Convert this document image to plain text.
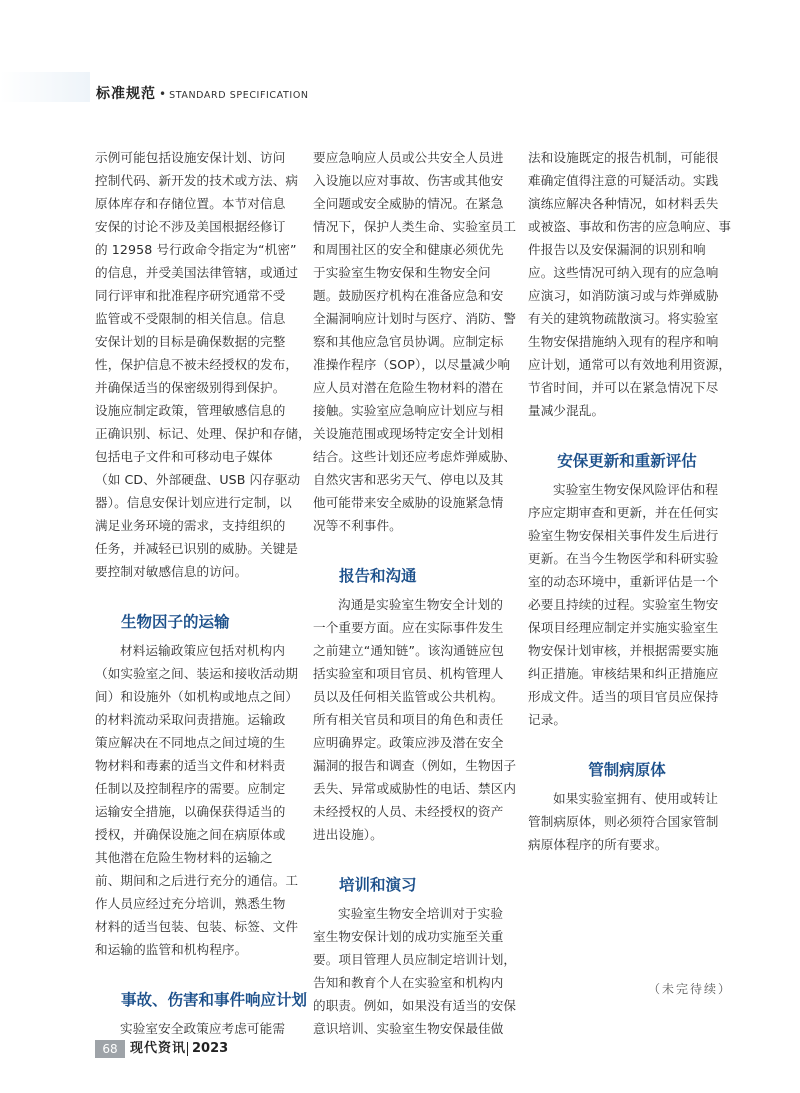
标准规范 • STANDARD SPECIFICATION
示例可能包括设施安保计划、访问
控制代码、新开发的技术或方法、病
原体库存和存储位置。本节对信息
安保的讨论不涉及美国根据经修订
的 12958 号行政命令指定为“机密”
的信息，并受美国法律管辖，或通过
同行评审和批准程序研究通常不受
监管或不受限制的相关信息。信息
安保计划的目标是确保数据的完整
性，保护信息不被未经授权的发布，
并确保适当的保密级别得到保护。
设施应制定政策，管理敏感信息的
正确识别、标记、处理、保护和存储，
包括电子文件和可移动电子媒体
（如 CD、外部硬盘、USB 闪存驱动
器）。信息安保计划应进行定制，以
满足业务环境的需求，支持组织的
任务，并减轻已识别的威胁。关键是
要控制对敏感信息的访问。
生物因子的运输
材料运输政策应包括对机构内
（如实验室之间、装运和接收活动期
间）和设施外（如机构或地点之间）
的材料流动采取问责措施。运输政
策应解决在不同地点之间过境的生
物材料和毒素的适当文件和材料责
任制以及控制程序的需要。应制定
运输安全措施，以确保获得适当的
授权，并确保设施之间在病原体或
其他潜在危险生物材料的运输之
前、期间和之后进行充分的通信。工
作人员应经过充分培训，熟悉生物
材料的适当包装、包装、标签、文件
和运输的监管和机构程序。
事故、伤害和事件响应计划
实验室安全政策应考虑可能需
要应急响应人员或公共安全人员进
入设施以应对事故、伤害或其他安
全问题或安全威胁的情况。在紧急
情况下，保护人类生命、实验室员工
和周围社区的安全和健康必须优先
于实验室生物安保和生物安全问
题。鼓励医疗机构在准备应急和安
全漏洞响应计划时与医疗、消防、警
察和其他应急官员协调。应制定标
准操作程序（SOP），以尽量减少响
应人员对潜在危险生物材料的潜在
接触。实验室应急响应计划应与相
关设施范围或现场特定安全计划相
结合。这些计划还应考虑炸弹威胁、
自然灾害和恶劣天气、停电以及其
他可能带来安全威胁的设施紧急情
况等不利事件。
报告和沟通
沟通是实验室生物安全计划的
一个重要方面。应在实际事件发生
之前建立“通知链”。该沟通链应包
括实验室和项目官员、机构管理人
员以及任何相关监管或公共机构。
所有相关官员和项目的角色和责任
应明确界定。政策应涉及潜在安全
漏洞的报告和调查（例如，生物因子
丢失、异常或威胁性的电话、禁区内
未经授权的人员、未经授权的资产
进出设施）。
培训和演习
实验室生物安全培训对于实验
室生物安保计划的成功实施至关重
要。项目管理人员应制定培训计划，
告知和教育个人在实验室和机构内
的职责。例如，如果没有适当的安保
意识培训、实验室生物安保最佳做
法和设施既定的报告机制，可能很
难确定值得注意的可疑活动。实践
演练应解决各种情况，如材料丢失
或被盗、事故和伤害的应急响应、事
件报告以及安保漏洞的识别和响
应。这些情况可纳入现有的应急响
应演习，如消防演习或与炸弹威胁
有关的建筑物疏散演习。将实验室
生物安保措施纳入现有的程序和响
应计划，通常可以有效地利用资源，
节省时间，并可以在紧急情况下尽
量减少混乱。
安保更新和重新评估
实验室生物安保风险评估和程
序应定期审查和更新，并在任何实
验室生物安保相关事件发生后进行
更新。在当今生物医学和科研实验
室的动态环境中，重新评估是一个
必要且持续的过程。实验室生物安
保项目经理应制定并实施实验室生
物安保计划审核，并根据需要实施
纠正措施。审核结果和纠正措施应
形成文件。适当的项目官员应保持
记录。
管制病原体
如果实验室拥有、使用或转让
管制病原体，则必须符合国家管制
病原体程序的所有要求。
（未完待续）
68 现代资讯 2023
